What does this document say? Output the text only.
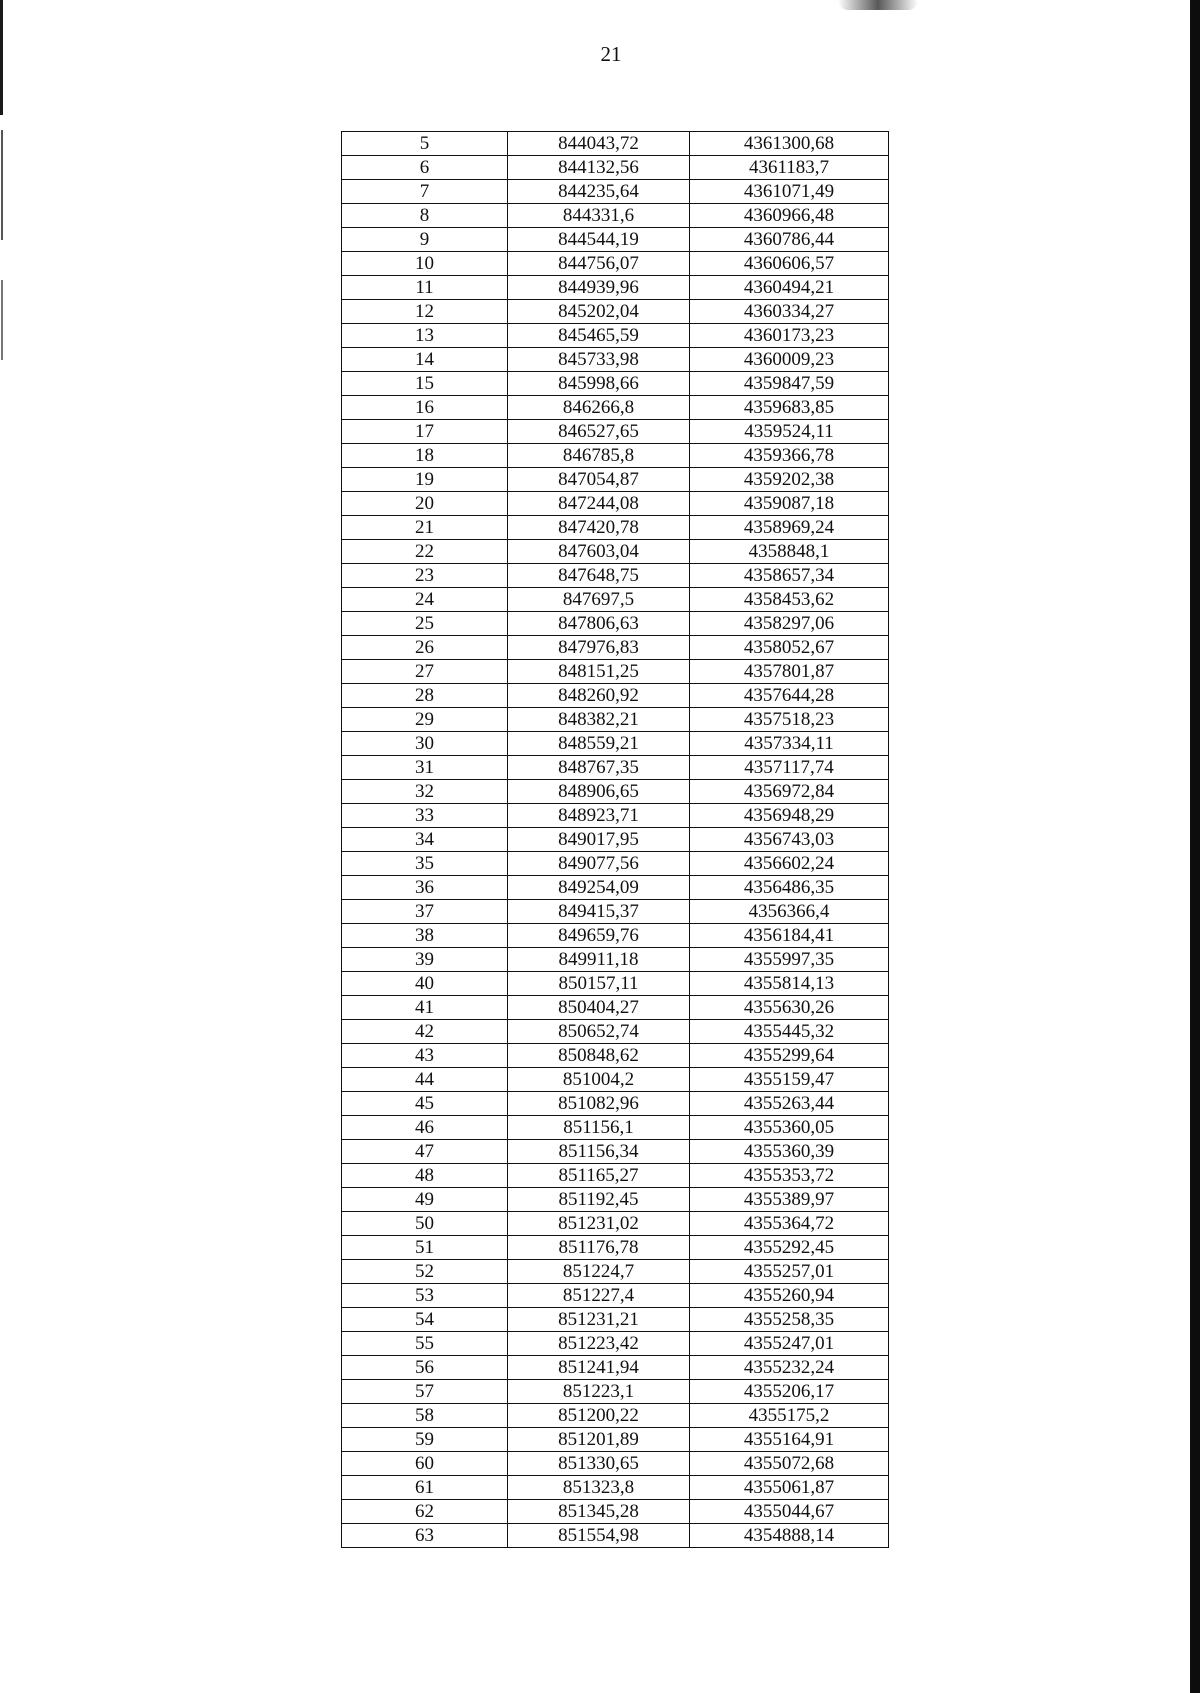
21
5	844043,72	4361300,68
6	844132,56	4361183,7
7	844235,64	4361071,49
8	844331,6	4360966,48
9	844544,19	4360786,44
10	844756,07	4360606,57
11	844939,96	4360494,21
12	845202,04	4360334,27
13	845465,59	4360173,23
14	845733,98	4360009,23
15	845998,66	4359847,59
16	846266,8	4359683,85
17	846527,65	4359524,11
18	846785,8	4359366,78
19	847054,87	4359202,38
20	847244,08	4359087,18
21	847420,78	4358969,24
22	847603,04	4358848,1
23	847648,75	4358657,34
24	847697,5	4358453,62
25	847806,63	4358297,06
26	847976,83	4358052,67
27	848151,25	4357801,87
28	848260,92	4357644,28
29	848382,21	4357518,23
30	848559,21	4357334,11
31	848767,35	4357117,74
32	848906,65	4356972,84
33	848923,71	4356948,29
34	849017,95	4356743,03
35	849077,56	4356602,24
36	849254,09	4356486,35
37	849415,37	4356366,4
38	849659,76	4356184,41
39	849911,18	4355997,35
40	850157,11	4355814,13
41	850404,27	4355630,26
42	850652,74	4355445,32
43	850848,62	4355299,64
44	851004,2	4355159,47
45	851082,96	4355263,44
46	851156,1	4355360,05
47	851156,34	4355360,39
48	851165,27	4355353,72
49	851192,45	4355389,97
50	851231,02	4355364,72
51	851176,78	4355292,45
52	851224,7	4355257,01
53	851227,4	4355260,94
54	851231,21	4355258,35
55	851223,42	4355247,01
56	851241,94	4355232,24
57	851223,1	4355206,17
58	851200,22	4355175,2
59	851201,89	4355164,91
60	851330,65	4355072,68
61	851323,8	4355061,87
62	851345,28	4355044,67
63	851554,98	4354888,14
